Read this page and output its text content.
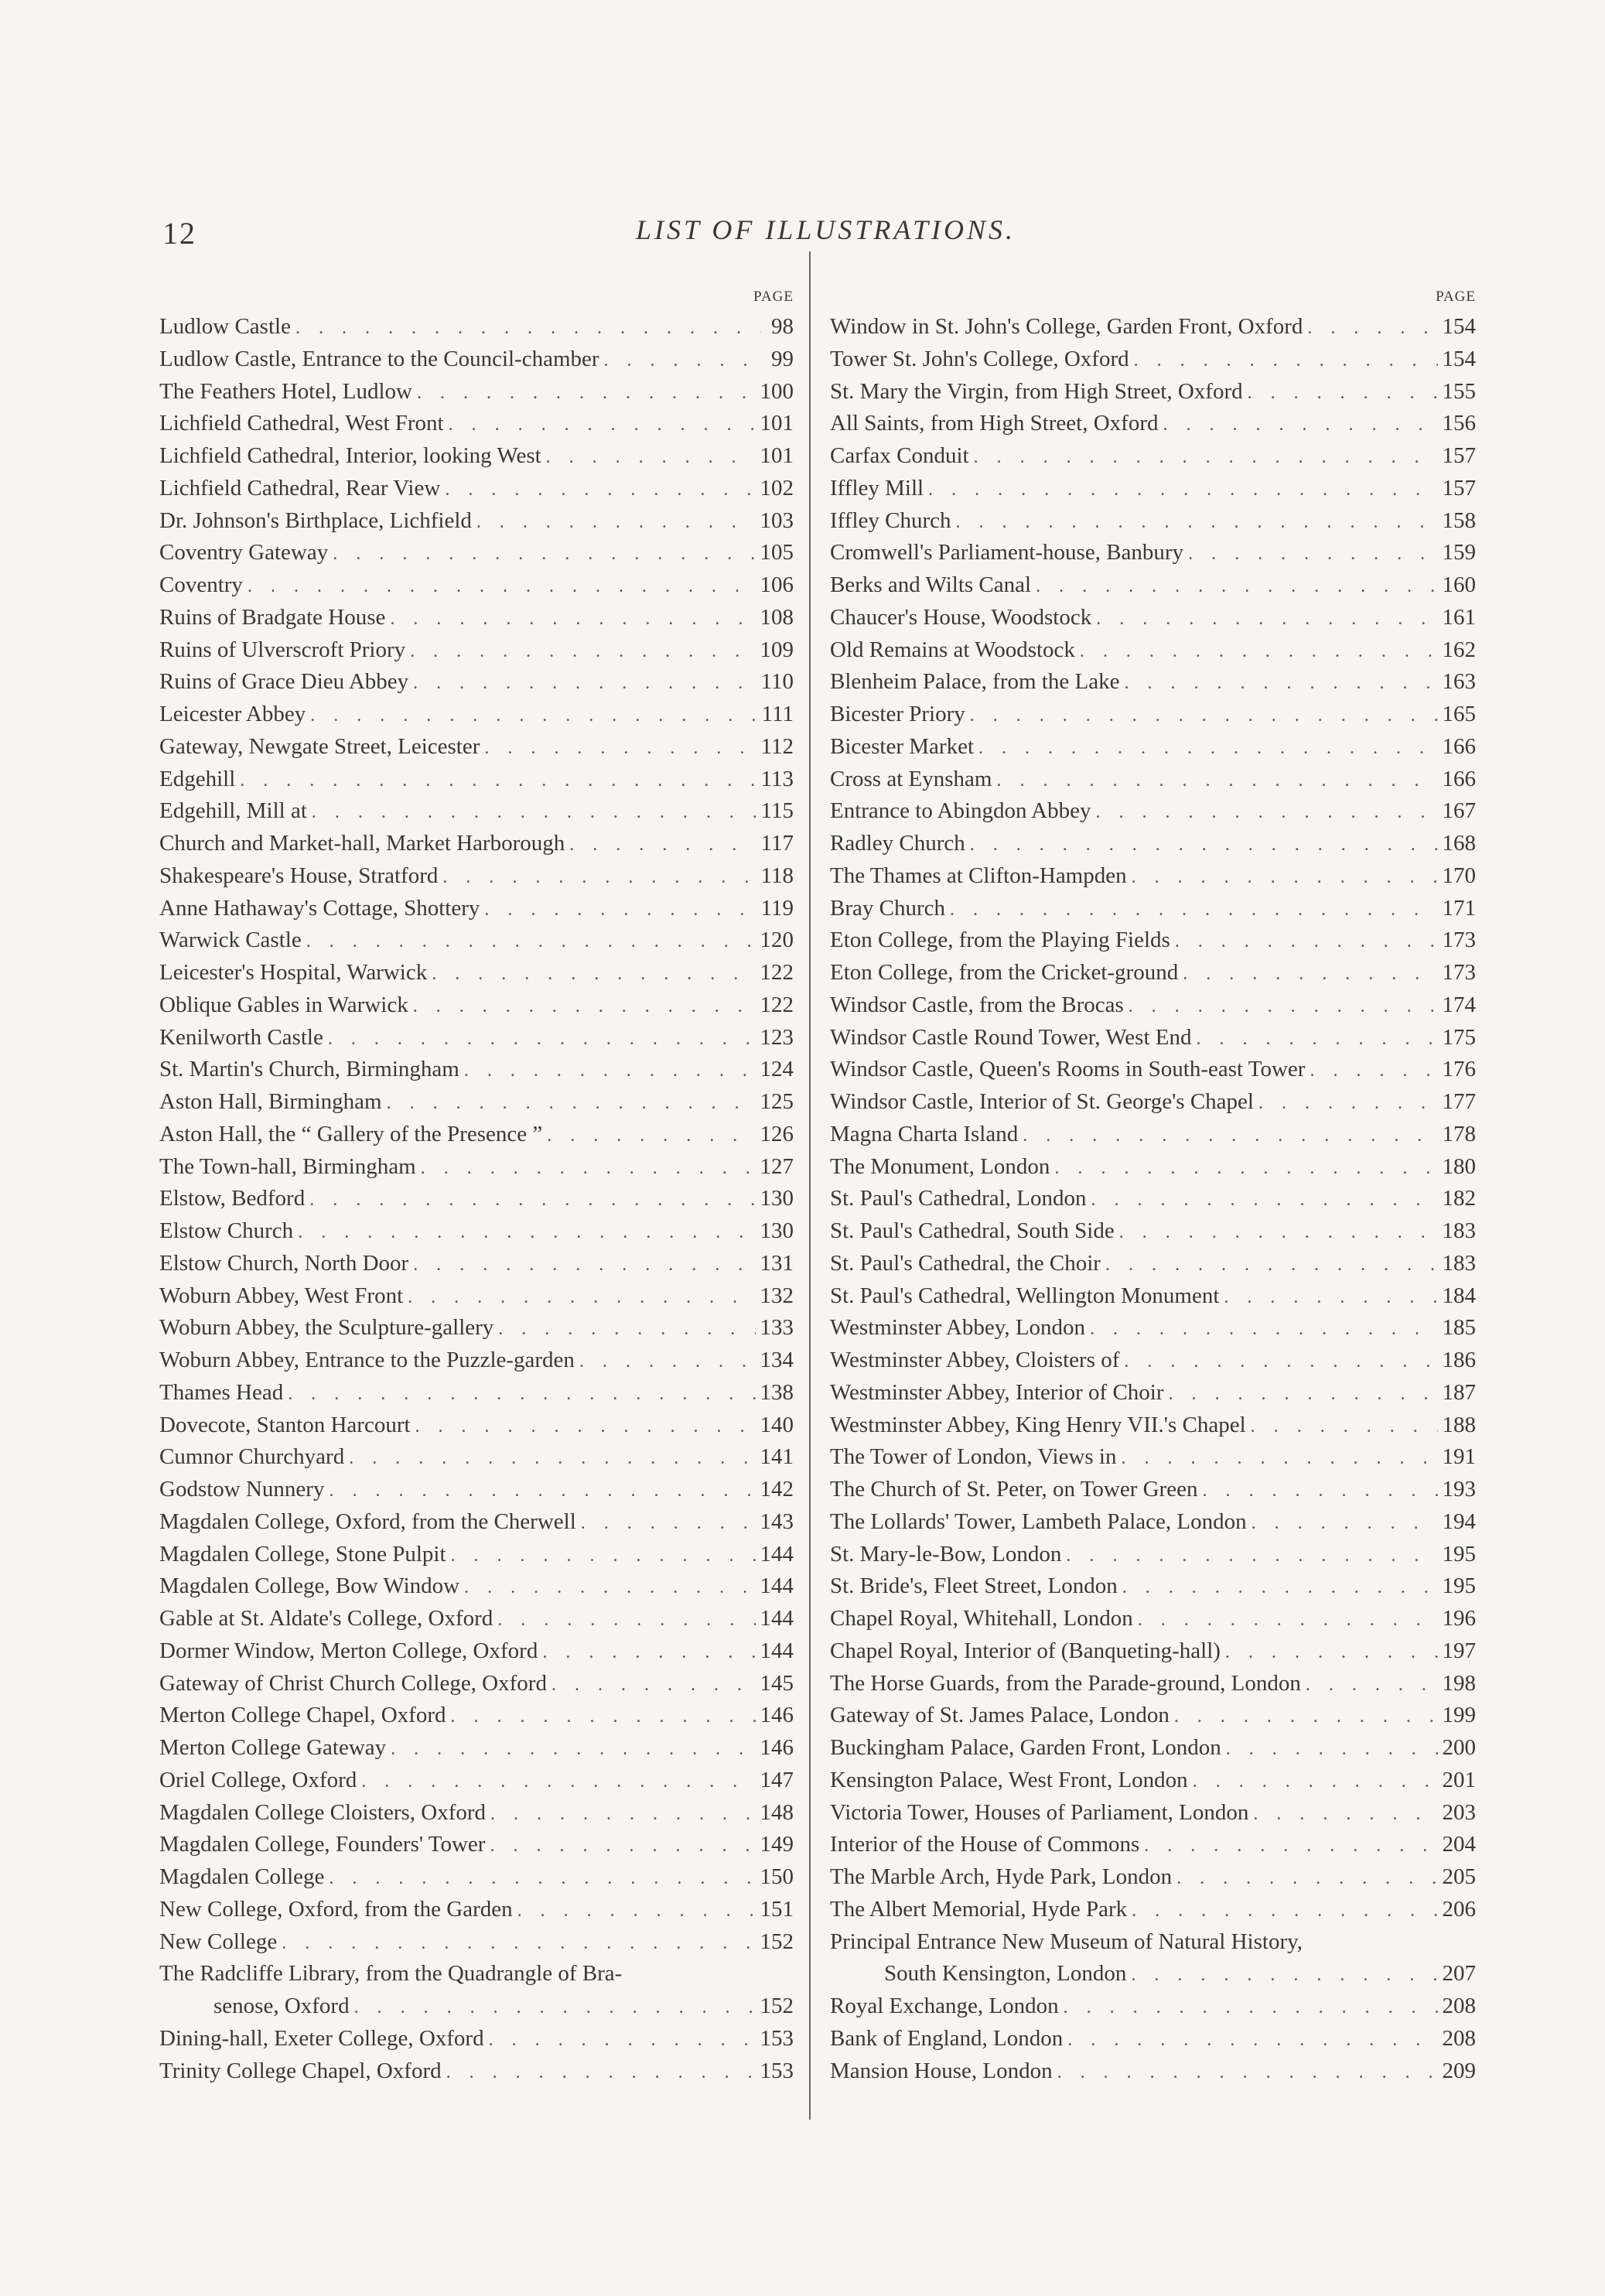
12	LIST OF ILLUSTRATIONS.
PAGE
Ludlow Castle . . .	98
Ludlow Castle, Entrance to the Council-chamber . . .	99
The Feathers Hotel, Ludlow . . .	100
Lichfield Cathedral, West Front . . .	101
Lichfield Cathedral, Interior, looking West . . .	101
Lichfield Cathedral, Rear View . . .	102
Dr. Johnson's Birthplace, Lichfield . . .	103
Coventry Gateway . . .	105
Coventry . . .	106
Ruins of Bradgate House . . .	108
Ruins of Ulverscroft Priory . . .	109
Ruins of Grace Dieu Abbey . . .	110
Leicester Abbey . . .	111
Gateway, Newgate Street, Leicester . . .	112
Edgehill . . .	113
Edgehill, Mill at . . .	115
Church and Market-hall, Market Harborough . . .	117
Shakespeare's House, Stratford . . .	118
Anne Hathaway's Cottage, Shottery . . .	119
Warwick Castle . . .	120
Leicester's Hospital, Warwick . . .	122
Oblique Gables in Warwick . . .	122
Kenilworth Castle . . .	123
St. Martin's Church, Birmingham . . .	124
Aston Hall, Birmingham . . .	125
Aston Hall, the “ Gallery of the Presence ” . . .	126
The Town-hall, Birmingham . . .	127
Elstow, Bedford . . .	130
Elstow Church . . .	130
Elstow Church, North Door . . .	131
Woburn Abbey, West Front . . .	132
Woburn Abbey, the Sculpture-gallery . . .	133
Woburn Abbey, Entrance to the Puzzle-garden . . .	134
Thames Head . . .	138
Dovecote, Stanton Harcourt . . .	140
Cumnor Churchyard . . .	141
Godstow Nunnery . . .	142
Magdalen College, Oxford, from the Cherwell . . .	143
Magdalen College, Stone Pulpit . . .	144
Magdalen College, Bow Window . . .	144
Gable at St. Aldate's College, Oxford . . .	144
Dormer Window, Merton College, Oxford . . .	144
Gateway of Christ Church College, Oxford . . .	145
Merton College Chapel, Oxford . . .	146
Merton College Gateway . . .	146
Oriel College, Oxford . . .	147
Magdalen College Cloisters, Oxford . . .	148
Magdalen College, Founders' Tower . . .	149
Magdalen College . . .	150
New College, Oxford, from the Garden . . .	151
New College . . .	152
The Radcliffe Library, from the Quadrangle of Bra-
senose, Oxford . . .	152
Dining-hall, Exeter College, Oxford . . .	153
Trinity College Chapel, Oxford . . .	153
PAGE
Window in St. John's College, Garden Front, Oxford . . .	154
Tower St. John's College, Oxford . . .	154
St. Mary the Virgin, from High Street, Oxford . . .	155
All Saints, from High Street, Oxford . . .	156
Carfax Conduit . . .	157
Iffley Mill . . .	157
Iffley Church . . .	158
Cromwell's Parliament-house, Banbury . . .	159
Berks and Wilts Canal . . .	160
Chaucer's House, Woodstock . . .	161
Old Remains at Woodstock . . .	162
Blenheim Palace, from the Lake . . .	163
Bicester Priory . . .	165
Bicester Market . . .	166
Cross at Eynsham . . .	166
Entrance to Abingdon Abbey . . .	167
Radley Church . . .	168
The Thames at Clifton-Hampden . . .	170
Bray Church . . .	171
Eton College, from the Playing Fields . . .	173
Eton College, from the Cricket-ground . . .	173
Windsor Castle, from the Brocas . . .	174
Windsor Castle Round Tower, West End . . .	175
Windsor Castle, Queen's Rooms in South-east Tower . . .	176
Windsor Castle, Interior of St. George's Chapel . . .	177
Magna Charta Island . . .	178
The Monument, London . . .	180
St. Paul's Cathedral, London . . .	182
St. Paul's Cathedral, South Side . . .	183
St. Paul's Cathedral, the Choir . . .	183
St. Paul's Cathedral, Wellington Monument . . .	184
Westminster Abbey, London . . .	185
Westminster Abbey, Cloisters of . . .	186
Westminster Abbey, Interior of Choir . . .	187
Westminster Abbey, King Henry VII.'s Chapel . . .	188
The Tower of London, Views in . . .	191
The Church of St. Peter, on Tower Green . . .	193
The Lollards' Tower, Lambeth Palace, London . . .	194
St. Mary-le-Bow, London . . .	195
St. Bride's, Fleet Street, London . . .	195
Chapel Royal, Whitehall, London . . .	196
Chapel Royal, Interior of (Banqueting-hall) . . .	197
The Horse Guards, from the Parade-ground, London . . .	198
Gateway of St. James Palace, London . . .	199
Buckingham Palace, Garden Front, London . . .	200
Kensington Palace, West Front, London . . .	201
Victoria Tower, Houses of Parliament, London . . .	203
Interior of the House of Commons . . .	204
The Marble Arch, Hyde Park, London . . .	205
The Albert Memorial, Hyde Park . . .	206
Principal Entrance New Museum of Natural History,
South Kensington, London . . .	207
Royal Exchange, London . . .	208
Bank of England, London . . .	208
Mansion House, London . . .	209
